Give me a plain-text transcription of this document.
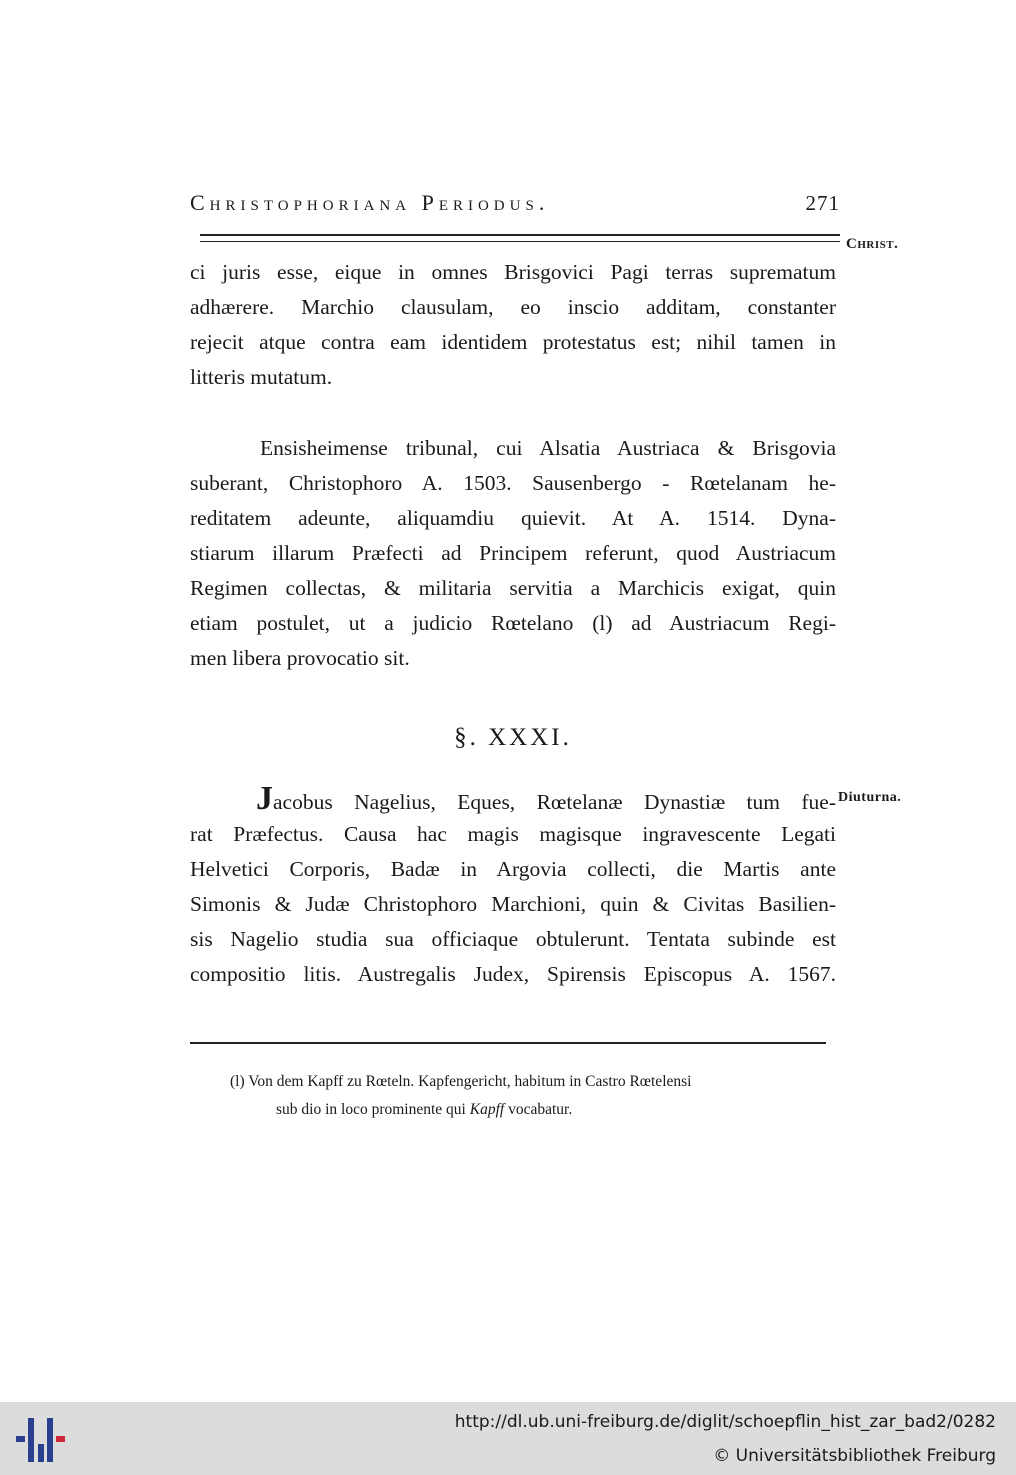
Christophoriana Periodus.	271
Christ.
ci juris esse, eique in omnes Brisgovici Pagi terras suprematum
adhærere. Marchio clausulam, eo inscio additam, constanter
rejecit atque contra eam identidem protestatus est; nihil tamen in
litteris mutatum.
Ensisheimense tribunal, cui Alsatia Austriaca & Brisgovia
suberant, Christophoro A. 1503. Sausenbergo - Rœtelanam he-
reditatem adeunte, aliquamdiu quievit. At A. 1514. Dyna-
stiarum illarum Præfecti ad Principem referunt, quod Austriacum
Regimen collectas, & militaria servitia a Marchicis exigat, quin
etiam postulet, ut a judicio Rœtelano (l) ad Austriacum Regi-
men libera provocatio sit.
§. XXXI.
Diuturna.
Jacobus Nagelius, Eques, Rœtelanæ Dynastiæ tum fue-
rat Præfectus. Causa hac magis magisque ingravescente Legati
Helvetici Corporis, Badæ in Argovia collecti, die Martis ante
Simonis & Judæ Christophoro Marchioni, quin & Civitas Basilien-
sis Nagelio studia sua officiaque obtulerunt. Tentata subinde est
compositio litis. Austregalis Judex, Spirensis Episcopus A. 1567.
(l) Von dem Kapff zu Rœteln. Kapfengericht, habitum in Castro Rœtelensi
sub dio in loco prominente qui Kapff vocabatur.
http://dl.ub.uni-freiburg.de/diglit/schoepflin_hist_zar_bad2/0282
© Universitätsbibliothek Freiburg
